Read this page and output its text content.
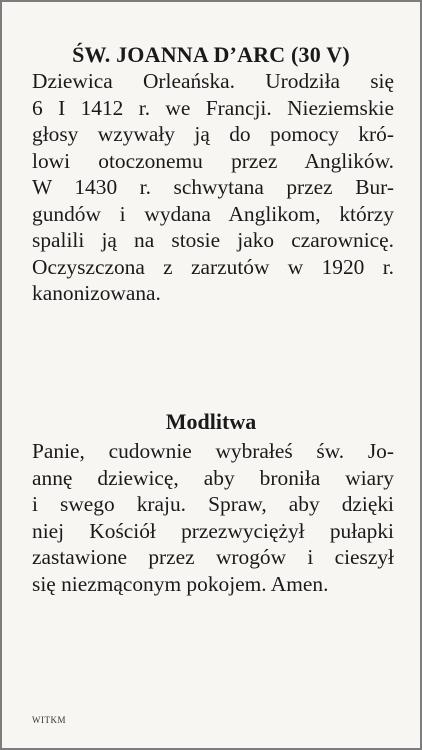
ŚW. JOANNA D’ARC (30 V)
Dziewica Orleańska. Urodziła się
6 I 1412 r. we Francji. Nieziemskie
głosy wzywały ją do pomocy kró-
lowi otoczonemu przez Anglików.
W 1430 r. schwytana przez Bur-
gundów i wydana Anglikom, którzy
spalili ją na stosie jako czarownicę.
Oczyszczona z zarzutów w 1920 r.
kanonizowana.
Modlitwa
Panie, cudownie wybrałeś św. Jo-
annę dziewicę, aby broniła wiary
i swego kraju. Spraw, aby dzięki
niej Kościół przezwyciężył pułapki
zastawione przez wrogów i cieszył
się niezmąconym pokojem. Amen.
WITKM
